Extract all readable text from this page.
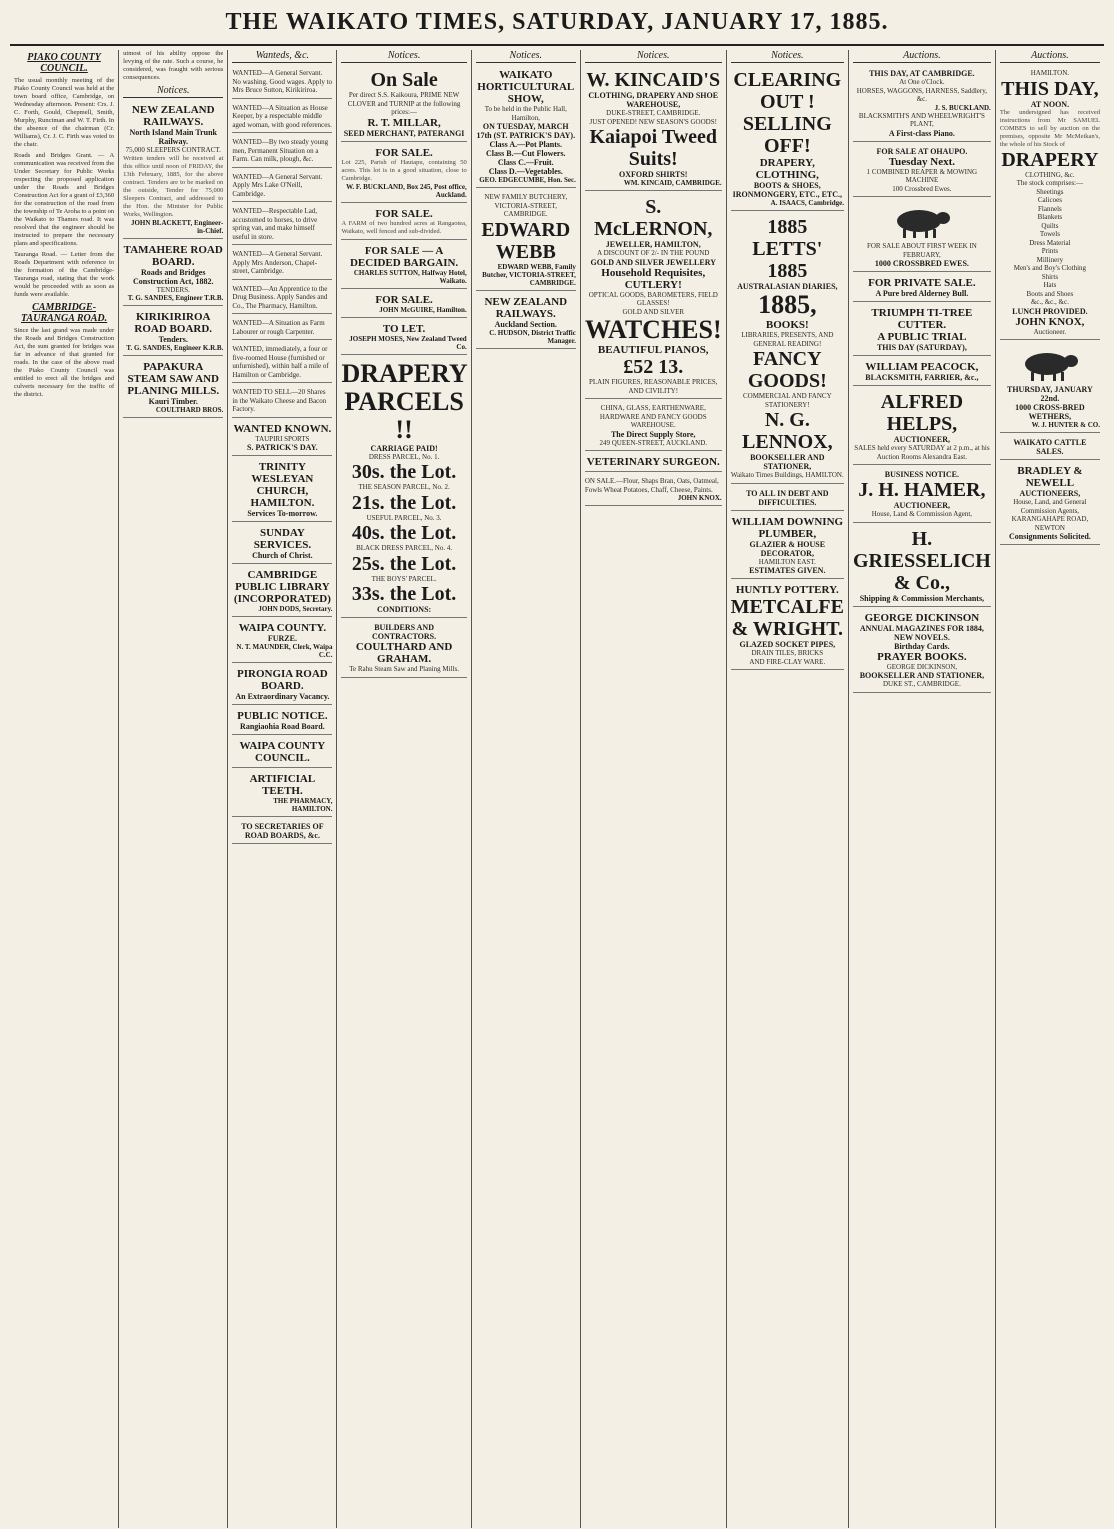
THE WAIKATO TIMES, SATURDAY, JANUARY 17, 1885.
PIAKO COUNTY COUNCIL.

The usual monthly meeting of the Piako County Council was held at the town board office, Cambridge, on Wednesday afternoon. Present: Crs. J. C. Forth, Gould, Chepmell, Smith, Murphy, Runciman and W. T. Firth. In the absence of the chairman (Cr. Williams), Cr. J. C. Firth was voted to the chair.

Roads and Bridges Grant. — A communication was received from the Under Secretary for Public Works respecting the proposed application under the Roads and Bridges Construction Act for a grant of £3,360 for the construction of the road from the township of Te Aroha to a point on the Waikato to Thames road. It was resolved that the engineer should be instructed to prepare the necessary plans and specifications.

Tauranga Road. — Letter from the Roads Department with reference to the formation of the Cambridge-Tauranga road, stating that the work would be proceeded with as soon as funds were available.

CAMBRIDGE-TAURANGA ROAD.

Since the last grand was made under the Roads and Bridges Construction Act, the sum granted for bridges was far in advance of that granted for roads. In the case of the above road the Piako County Council was entitled to erect all the bridges and culverts necessary for the traffic of the district.

utmost of his ability oppose the levying of the rate. Such a course, he considered, was fraught with serious consequences.

Notices.
NEW ZEALAND RAILWAYS.
North Island Main Trunk Railway.
75,000 SLEEPERS CONTRACT.
Written tenders will be received at this office until noon of FRIDAY, the 13th February, 1885, for the above contract. Tenders are to be marked on the outside, Tender for 75,000 Sleepers Contract, and addressed to the Hon. the Minister for Public Works, Wellington.
JOHN BLACKETT, Engineer-in-Chief.
TAMAHERE ROAD BOARD.
Roads and Bridges Construction Act, 1882.
TENDERS.
T. G. SANDES, Engineer T.R.B.
KIRIKIRIROA ROAD BOARD.
Tenders.
T. G. SANDES, Engineer K.R.B.
PAPAKURA STEAM SAW AND PLANING MILLS.
Kauri Timber.
COULTHARD BROS.
Wanteds, &c.
WANTED—A General Servant. No washing. Good wages. Apply to Mrs Bruce Sutton, Kirikiriroa.
WANTED—A Situation as House Keeper, by a respectable middle aged woman, with good references.
WANTED—By two steady young men, Permanent Situation on a Farm. Can milk, plough, &c.
WANTED—A General Servant. Apply Mrs Lake O'Neill, Cambridge.
WANTED—Respectable Lad, accustomed to horses, to drive spring van, and make himself useful in store.
WANTED—A General Servant. Apply Mrs Anderson, Chapel-street, Cambridge.
WANTED—An Apprentice to the Drug Business. Apply Sandes and Co., The Pharmacy, Hamilton.
WANTED—A Situation as Farm Labourer or rough Carpenter.
WANTED, immediately, a four or five-roomed House (furnished or unfurnished), within half a mile of Hamilton or Cambridge.
WANTED TO SELL—20 Shares in the Waikato Cheese and Bacon Factory.
WANTED KNOWN.
TAUPIRI SPORTS
S. PATRICK'S DAY.
TRINITY WESLEYAN CHURCH, HAMILTON.
Services To-morrow.
SUNDAY SERVICES.
Church of Christ.
CAMBRIDGE PUBLIC LIBRARY (INCORPORATED)
JOHN DODS, Secretary.
WAIPA COUNTY.
FURZE.
N. T. MAUNDER, Clerk, Waipa C.C.
PIRONGIA ROAD BOARD.
An Extraordinary Vacancy.
PUBLIC NOTICE.
Rangiaohia Road Board.
WAIPA COUNTY COUNCIL.
ARTIFICIAL TEETH.
THE PHARMACY, HAMILTON.
TO SECRETARIES OF ROAD BOARDS, &c.
Notices.
On Sale
Per direct S.S. Kaikoura, PRIME NEW CLOVER and TURNIP at the following prices:—
R. T. MILLAR,
SEED MERCHANT, PATERANGI
FOR SALE.
Lot 225, Parish of Hautapu, containing 50 acres. This lot is in a good situation, close to Cambridge.
W. F. BUCKLAND, Box 245, Post office, Auckland.
FOR SALE.
A FARM of two hundred acres at Rangaotea, Waikato, well fenced and sub-divided.
FOR SALE — A DECIDED BARGAIN.
CHARLES SUTTON, Halfway Hotel, Waikato.
FOR SALE.
JOHN McGUIRE, Hamilton.
TO LET.
JOSEPH MOSES, New Zealand Tweed Co.
DRAPERY PARCELS !!
CARRIAGE PAID!
DRESS PARCEL, No. 1.
30s. the Lot.
THE SEASON PARCEL, No. 2.
21s. the Lot.
USEFUL PARCEL, No. 3.
40s. the Lot.
BLACK DRESS PARCEL, No. 4.
25s. the Lot.
THE BOYS' PARCEL.
33s. the Lot.
CONDITIONS:
BUILDERS AND CONTRACTORS.
COULTHARD AND GRAHAM.
Te Rahu Steam Saw and Planing Mills.
Notices.
WAIKATO HORTICULTURAL SHOW,
To be held in the Public Hall, Hamilton,
ON TUESDAY, MARCH 17th (ST. PATRICK'S DAY).
Class A.—Pot Plants.
Class B.—Cut Flowers.
Class C.—Fruit.
Class D.—Vegetables.
GEO. EDGECUMBE, Hon. Sec.
NEW FAMILY BUTCHERY, VICTORIA-STREET, CAMBRIDGE.
EDWARD WEBB
EDWARD WEBB, Family Butcher, VICTORIA-STREET, CAMBRIDGE.
NEW ZEALAND RAILWAYS.
Auckland Section.
C. HUDSON, District Traffic Manager.
Notices.
W. KINCAID'S
CLOTHING, DRAPERY AND SHOE WAREHOUSE,
DUKE-STREET, CAMBRIDGE.
JUST OPENED! NEW SEASON'S GOODS!
Kaiapoi Tweed Suits!
OXFORD SHIRTS!
WM. KINCAID, CAMBRIDGE.
S. McLERNON,
JEWELLER, HAMILTON,
A DISCOUNT OF 2/- IN THE POUND
GOLD AND SILVER JEWELLERY
Household Requisites,
CUTLERY!
OPTICAL GOODS, BAROMETERS, FIELD GLASSES!
GOLD AND SILVER
WATCHES!
BEAUTIFUL PIANOS,
£52 13.
PLAIN FIGURES, REASONABLE PRICES, AND CIVILITY!
CHINA, GLASS, EARTHENWARE, HARDWARE AND FANCY GOODS WAREHOUSE.
The Direct Supply Store,
249 QUEEN-STREET, AUCKLAND.
VETERINARY SURGEON.
ON SALE.—Flour, Shaps Bran, Oats, Oatmeal, Fowls Wheat Potatoes, Chaff, Cheese, Paints.
JOHN KNOX.
Notices.
CLEARING OUT !
SELLING OFF!
DRAPERY, CLOTHING,
BOOTS & SHOES,
IRONMONGERY, ETC., ETC.,
A. ISAACS, Cambridge.
1885 LETTS' 1885
AUSTRALASIAN DIARIES,
1885,
BOOKS!
LIBRARIES, PRESENTS, AND GENERAL READING!
FANCY GOODS!
COMMERCIAL AND FANCY STATIONERY!
N. G. LENNOX,
BOOKSELLER AND STATIONER,
Waikato Times Buildings, HAMILTON.
TO ALL IN DEBT AND DIFFICULTIES.
WILLIAM DOWNING
PLUMBER,
GLAZIER & HOUSE DECORATOR,
HAMILTON EAST.
ESTIMATES GIVEN.
HUNTLY POTTERY.
METCALFE & WRIGHT.
GLAZED SOCKET PIPES,
DRAIN TILES, BRICKS
AND FIRE-CLAY WARE.
Auctions.
THIS DAY, AT CAMBRIDGE.
At One o'Clock.
HORSES, WAGGONS, HARNESS, Saddlery, &c.
J. S. BUCKLAND.
BLACKSMITH'S AND WHEELWRIGHT'S PLANT,
A First-class Piano.
FOR SALE AT OHAUPO.
Tuesday Next.
1 COMBINED REAPER & MOWING MACHINE
100 Crossbred Ewes.
FOR SALE ABOUT FIRST WEEK IN FEBRUARY,
1000 CROSSBRED EWES.
FOR PRIVATE SALE.
A Pure bred Alderney Bull.
TRIUMPH TI-TREE CUTTER.
A PUBLIC TRIAL
THIS DAY (SATURDAY),
WILLIAM PEACOCK,
BLACKSMITH, FARRIER, &c.,
ALFRED HELPS,
AUCTIONEER,
SALES held every SATURDAY at 2 p.m., at his Auction Rooms Alexandra East.
BUSINESS NOTICE.
J. H. HAMER,
AUCTIONEER,
House, Land & Commission Agent,
H. GRIESSELICH & Co.,
Shipping & Commission Merchants,
GEORGE DICKINSON
ANNUAL MAGAZINES FOR 1884,
NEW NOVELS.
Birthday Cards.
PRAYER BOOKS.
GEORGE DICKINSON,
BOOKSELLER AND STATIONER,
DUKE ST., CAMBRIDGE.
Auctions.
HAMILTON.
THIS DAY,
AT NOON.
The undersigned has received instructions from Mr SAMUEL COMBES to sell by auction on the premises, opposite Mr McMeikan's, the whole of his Stock of
DRAPERY
CLOTHING, &c.
The stock comprises:—
Sheetings
Calicoes
Flannels
Blankets
Quilts
Towels
Dress Material
Prints
Millinery
Men's and Boy's Clothing
Shirts
Hats
Boots and Shoes
&c., &c., &c.
LUNCH PROVIDED.
JOHN KNOX,
Auctioneer.
THURSDAY, JANUARY 22nd.
1000 CROSS-BRED WETHERS,
W. J. HUNTER & CO.
WAIKATO CATTLE SALES.
BRADLEY & NEWELL
AUCTIONEERS,
House, Land, and General Commission Agents,
KARANGAHAPE ROAD, NEWTON
Consignments Solicited.
